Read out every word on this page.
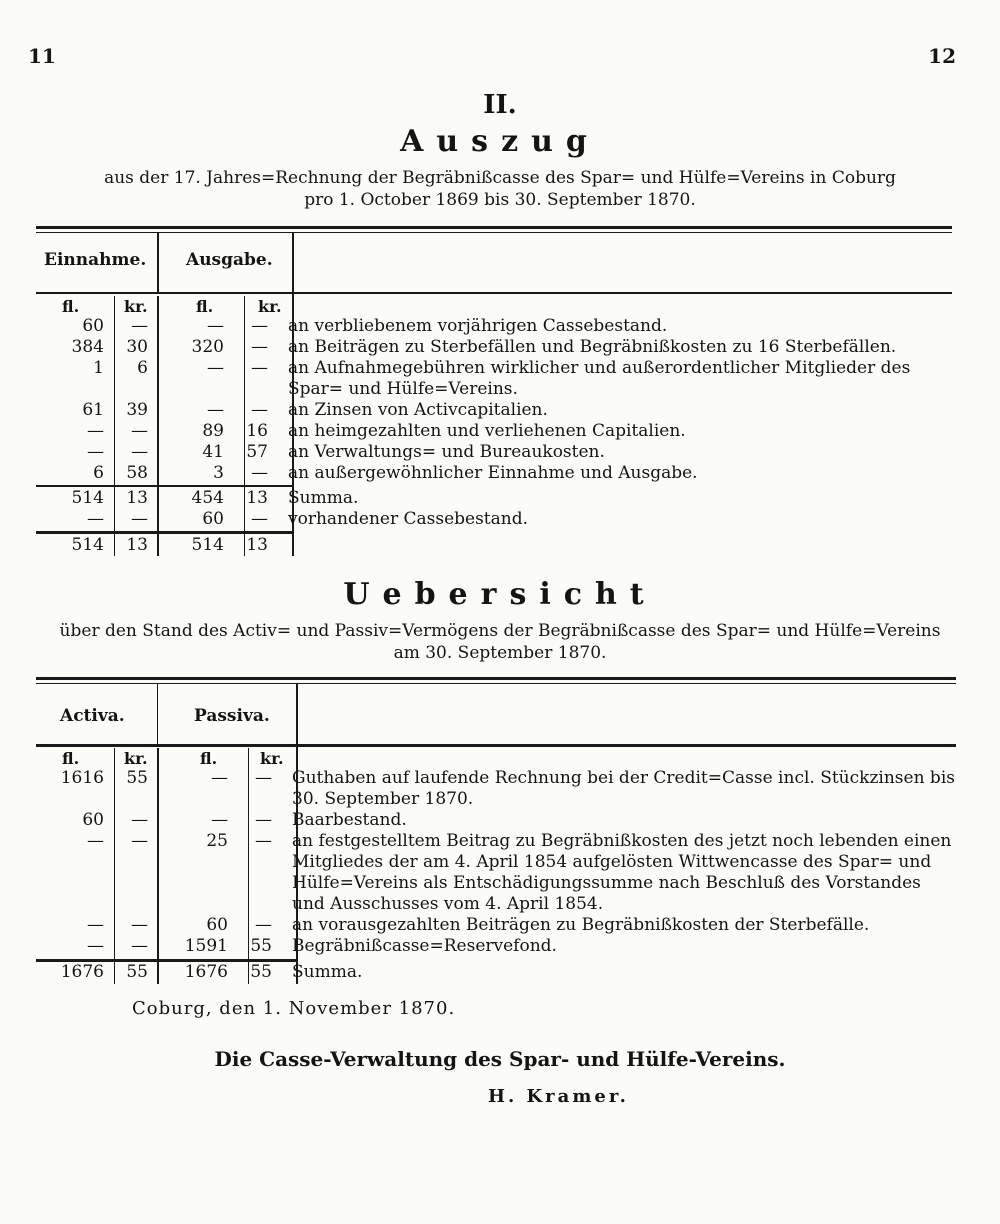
11	12
II.
Auszug
aus der 17. Jahres=Rechnung der Begräbnißcasse des Spar= und Hülfe=Vereins in Coburg
pro 1. October 1869 bis 30. September 1870.
Einnahme. Ausgabe.
fl.	kr.	fl.	kr.
60	—	—	—	an verbliebenem vorjährigen Cassebestand.
384	30	320	—	an Beiträgen zu Sterbefällen und Begräbnißkosten zu 16 Sterbefällen.
1	6	—	—	an Aufnahmegebühren wirklicher und außerordentlicher Mitglieder des Spar= und Hülfe=Vereins.
61	39	—	—	an Zinsen von Activcapitalien.
—	—	89	16	an heimgezahlten und verliehenen Capitalien.
—	—	41	57	an Verwaltungs= und Bureaukosten.
6	58	3	—	an außergewöhnlicher Einnahme und Ausgabe.
514	13	454	13	Summa.
—	—	60	—	vorhandener Cassebestand.
514	13	514	13
Uebersicht
über den Stand des Activ= und Passiv=Vermögens der Begräbnißcasse des Spar= und Hülfe=Vereins
am 30. September 1870.
Activa.	Passiva.
fl.	kr.	fl.	kr.
1616	55	—	—	Guthaben auf laufende Rechnung bei der Credit=Casse incl. Stückzinsen bis 30. September 1870.
60	—	—	—	Baarbestand.
—	—	25	—	an festgestelltem Beitrag zu Begräbnißkosten des jetzt noch lebenden einen Mitgliedes der am 4. April 1854 aufgelösten Wittwencasse des Spar= und Hülfe=Vereins als Entschädigungssumme nach Beschluß des Vorstandes und Ausschusses vom 4. April 1854.
—	—	60	—	an vorausgezahlten Beiträgen zu Begräbnißkosten der Sterbefälle.
—	—	1591	55	Begräbnißcasse=Reservefond.
1676	55	1676	55	Summa.
Coburg, den 1. November 1870.
Die Casse-Verwaltung des Spar- und Hülfe-Vereins.
H. Kramer.
